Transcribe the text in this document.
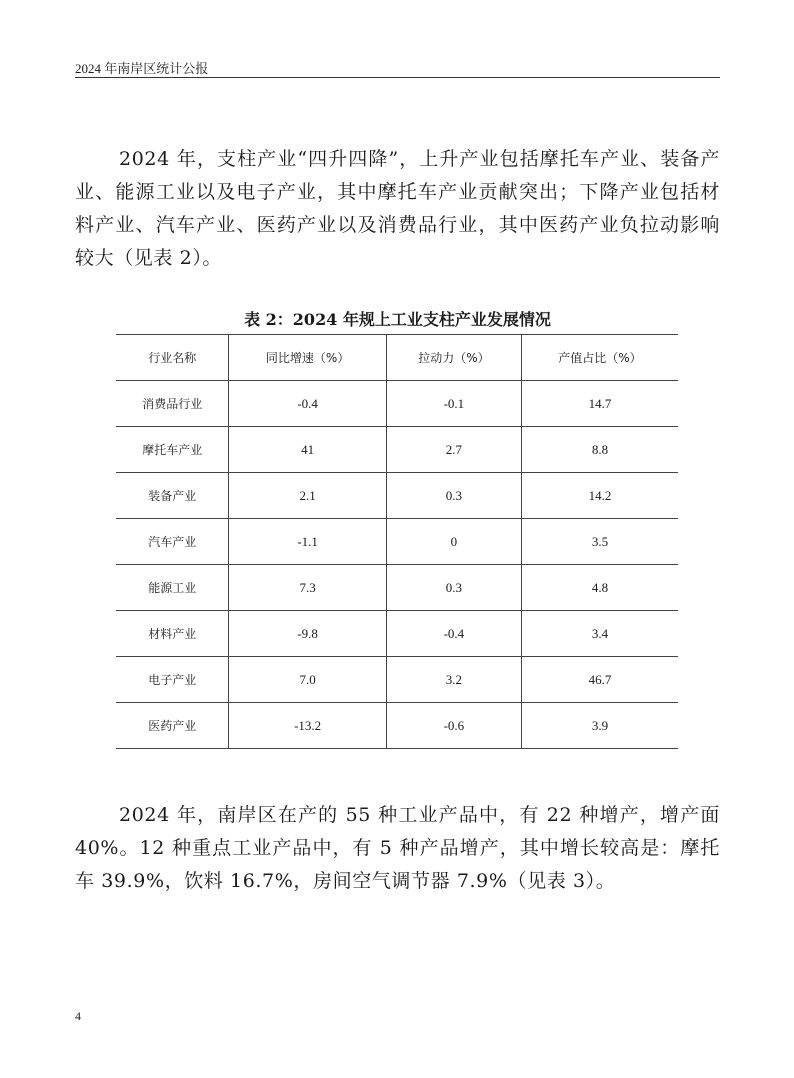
2024 年南岸区统计公报
2024 年，支柱产业“四升四降”，上升产业包括摩托车产业、装备产业、能源工业以及电子产业，其中摩托车产业贡献突出；下降产业包括材料产业、汽车产业、医药产业以及消费品行业，其中医药产业负拉动影响较大（见表 2）。
表 2：2024 年规上工业支柱产业发展情况
行业名称	同比增速（%）	拉动力（%）	产值占比（%）
消费品行业	-0.4	-0.1	14.7
摩托车产业	41	2.7	8.8
装备产业	2.1	0.3	14.2
汽车产业	-1.1	0	3.5
能源工业	7.3	0.3	4.8
材料产业	-9.8	-0.4	3.4
电子产业	7.0	3.2	46.7
医药产业	-13.2	-0.6	3.9
2024 年，南岸区在产的 55 种工业产品中，有 22 种增产，增产面 40%。12 种重点工业产品中，有 5 种产品增产，其中增长较高是：摩托车 39.9%，饮料 16.7%，房间空气调节器 7.9%（见表 3）。
4
